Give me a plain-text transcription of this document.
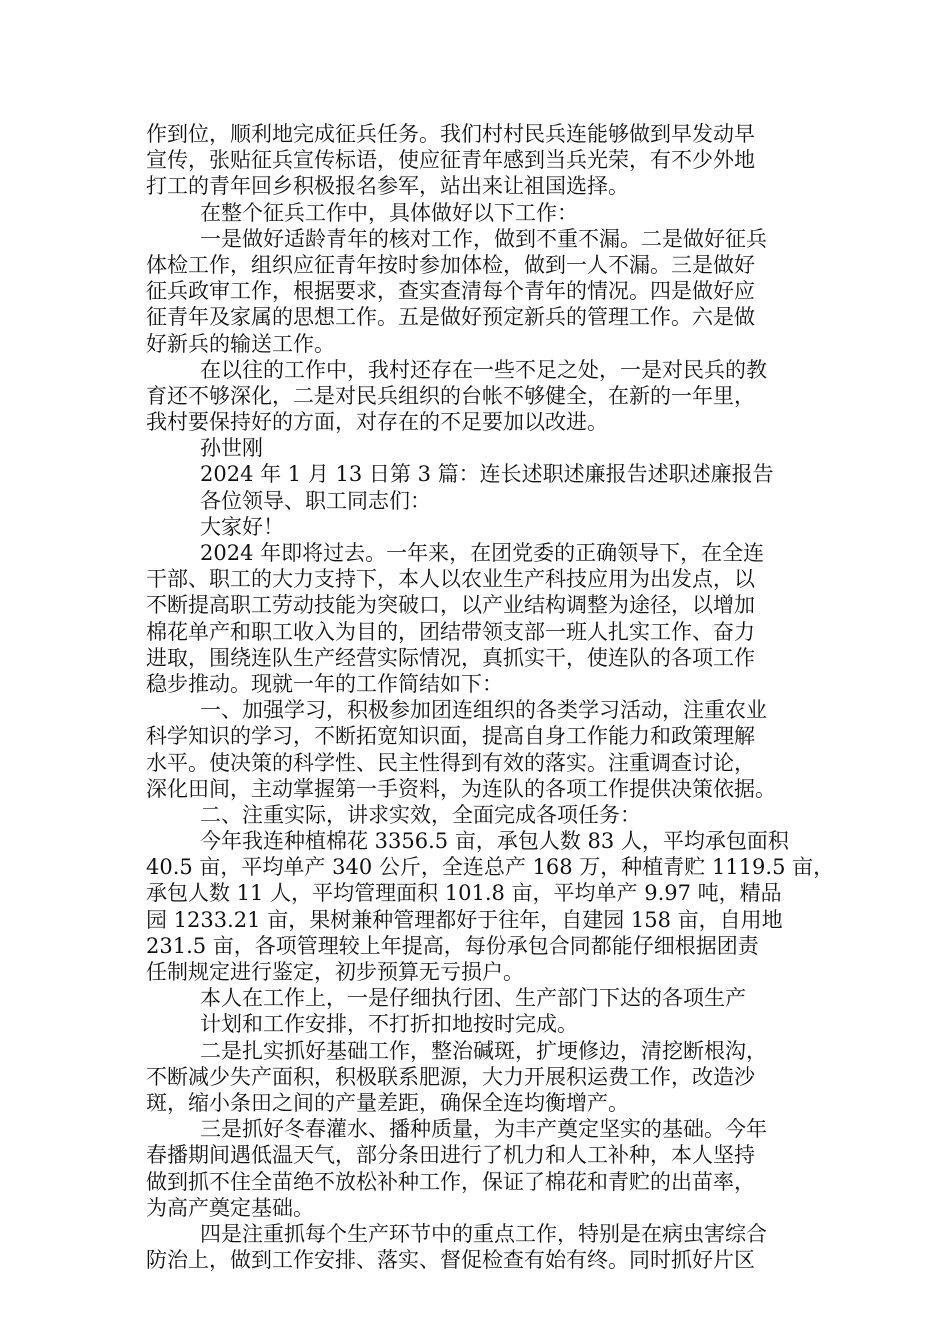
作到位，顺利地完成征兵任务。我们村村民兵连能够做到早发动早
宣传，张贴征兵宣传标语，使应征青年感到当兵光荣，有不少外地
打工的青年回乡积极报名参军，站出来让祖国选择。
在整个征兵工作中，具体做好以下工作：
一是做好适龄青年的核对工作，做到不重不漏。二是做好征兵
体检工作，组织应征青年按时参加体检，做到一人不漏。三是做好
征兵政审工作，根据要求，查实查清每个青年的情况。四是做好应
征青年及家属的思想工作。五是做好预定新兵的管理工作。六是做
好新兵的输送工作。
在以往的工作中，我村还存在一些不足之处，一是对民兵的教
育还不够深化，二是对民兵组织的台帐不够健全，在新的一年里，
我村要保持好的方面，对存在的不足要加以改进。
孙世刚
2024 年 1 月 13 日第 3 篇：连长述职述廉报告述职述廉报告
各位领导、职工同志们：
大家好！
2024 年即将过去。一年来，在团党委的正确领导下，在全连
干部、职工的大力支持下，本人以农业生产科技应用为出发点，以
不断提高职工劳动技能为突破口，以产业结构调整为途径，以增加
棉花单产和职工收入为目的，团结带领支部一班人扎实工作、奋力
进取，围绕连队生产经营实际情况，真抓实干，使连队的各项工作
稳步推动。现就一年的工作简结如下：
一、加强学习，积极参加团连组织的各类学习活动，注重农业
科学知识的学习，不断拓宽知识面，提高自身工作能力和政策理解
水平。使决策的科学性、民主性得到有效的落实。注重调查讨论，
深化田间，主动掌握第一手资料，为连队的各项工作提供决策依据。
二、注重实际，讲求实效，全面完成各项任务：
今年我连种植棉花 3356.5 亩，承包人数 83 人，平均承包面积
40.5 亩，平均单产 340 公斤，全连总产 168 万，种植青贮 1119.5 亩，
承包人数 11 人，平均管理面积 101.8 亩，平均单产 9.97 吨，精品
园 1233.21 亩，果树兼种管理都好于往年，自建园 158 亩，自用地
231.5 亩，各项管理较上年提高，每份承包合同都能仔细根据团责
任制规定进行鉴定，初步预算无亏损户。
本人在工作上，一是仔细执行团、生产部门下达的各项生产
计划和工作安排，不打折扣地按时完成。
二是扎实抓好基础工作，整治碱斑，扩埂修边，清挖断根沟，
不断减少失产面积，积极联系肥源，大力开展积运费工作，改造沙
斑，缩小条田之间的产量差距，确保全连均衡增产。
三是抓好冬春灌水、播种质量，为丰产奠定坚实的基础。今年
春播期间遇低温天气，部分条田进行了机力和人工补种，本人坚持
做到抓不住全苗绝不放松补种工作，保证了棉花和青贮的出苗率，
为高产奠定基础。
四是注重抓每个生产环节中的重点工作，特别是在病虫害综合
防治上，做到工作安排、落实、督促检查有始有终。同时抓好片区
